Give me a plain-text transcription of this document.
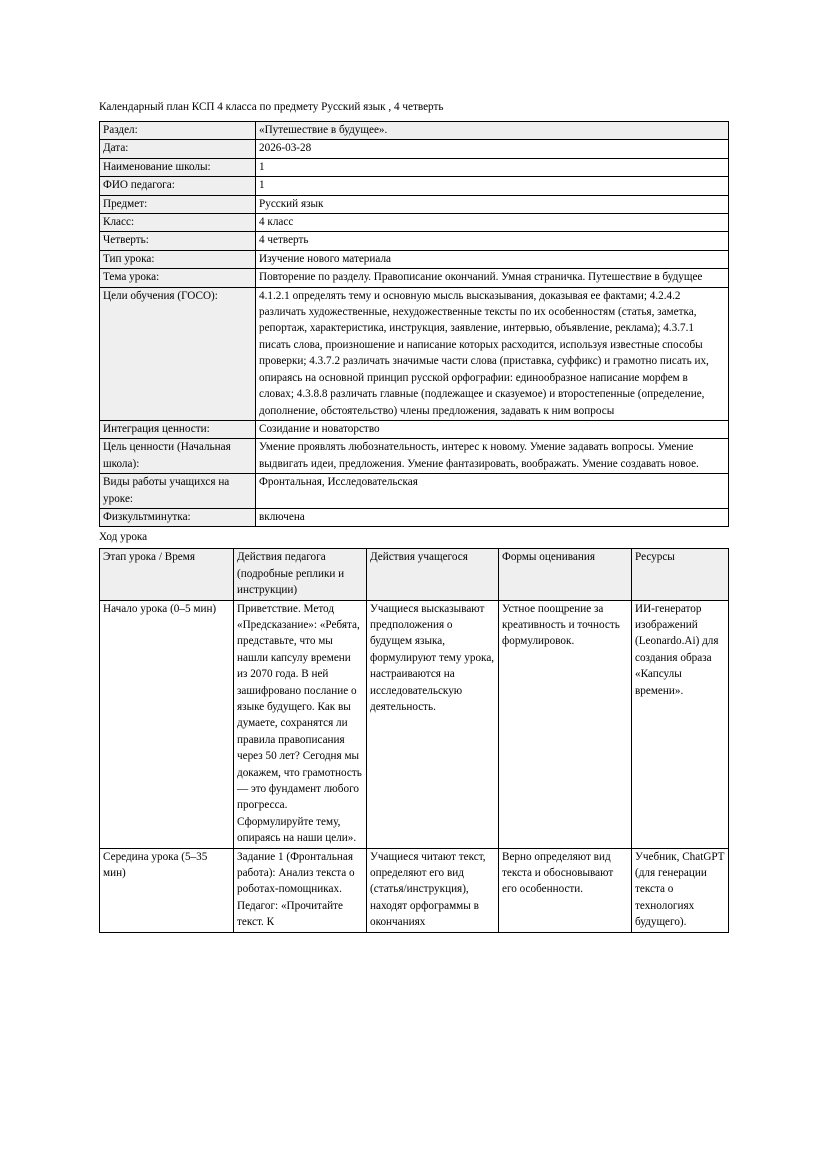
Календарный план КСП 4 класса по предмету Русский язык , 4 четверть

Раздел:	«Путешествие в будущее».
Дата:	2026-03-28
Наименование школы:	1
ФИО педагога:	1
Предмет:	Русский язык
Класс:	4 класс
Четверть:	4 четверть
Тип урока:	Изучение нового материала
Тема урока:	Повторение по разделу. Правописание окончаний. Умная страничка. Путешествие в будущее
Цели обучения (ГОСО):	4.1.2.1 определять тему и основную мысль высказывания, доказывая ее фактами; 4.2.4.2 различать художественные, нехудожественные тексты по их особенностям (статья, заметка, репортаж, характеристика, инструкция, заявление, интервью, объявление, реклама); 4.3.7.1 писать слова, произношение и написание которых расходится, используя известные способы проверки; 4.3.7.2 различать значимые части слова (приставка, суффикс) и грамотно писать их, опираясь на основной принцип русской орфографии: единообразное написание морфем в словах; 4.3.8.8 различать главные (подлежащее и сказуемое) и второстепенные (определение, дополнение, обстоятельство) члены предложения, задавать к ним вопросы
Интеграция ценности:	Созидание и новаторство
Цель ценности (Начальная школа):	Умение проявлять любознательность, интерес к новому. Умение задавать вопросы. Умение выдвигать идеи, предложения. Умение фантазировать, воображать. Умение создавать новое.
Виды работы учащихся на уроке:	Фронтальная, Исследовательская
Физкультминутка:	включена

Ход урока

Этап урока / Время	Действия педагога (подробные реплики и инструкции)	Действия учащегося	Формы оценивания	Ресурсы
Начало урока (0–5 мин)	Приветствие. Метод «Предсказание»: «Ребята, представьте, что мы нашли капсулу времени из 2070 года. В ней зашифровано послание о языке будущего. Как вы думаете, сохранятся ли правила правописания через 50 лет? Сегодня мы докажем, что грамотность — это фундамент любого прогресса. Сформулируйте тему, опираясь на наши цели».	Учащиеся высказывают предположения о будущем языка, формулируют тему урока, настраиваются на исследовательскую деятельность.	Устное поощрение за креативность и точность формулировок.	ИИ-генератор изображений (Leonardo.Ai) для создания образа «Капсулы времени».
Середина урока (5–35 мин)	Задание 1 (Фронтальная работа): Анализ текста о роботах-помощниках. Педагог: «Прочитайте текст. К	Учащиеся читают текст, определяют его вид (статья/инструкция), находят орфограммы в окончаниях	Верно определяют вид текста и обосновывают его особенности.	Учебник, ChatGPT (для генерации текста о технологиях будущего).
